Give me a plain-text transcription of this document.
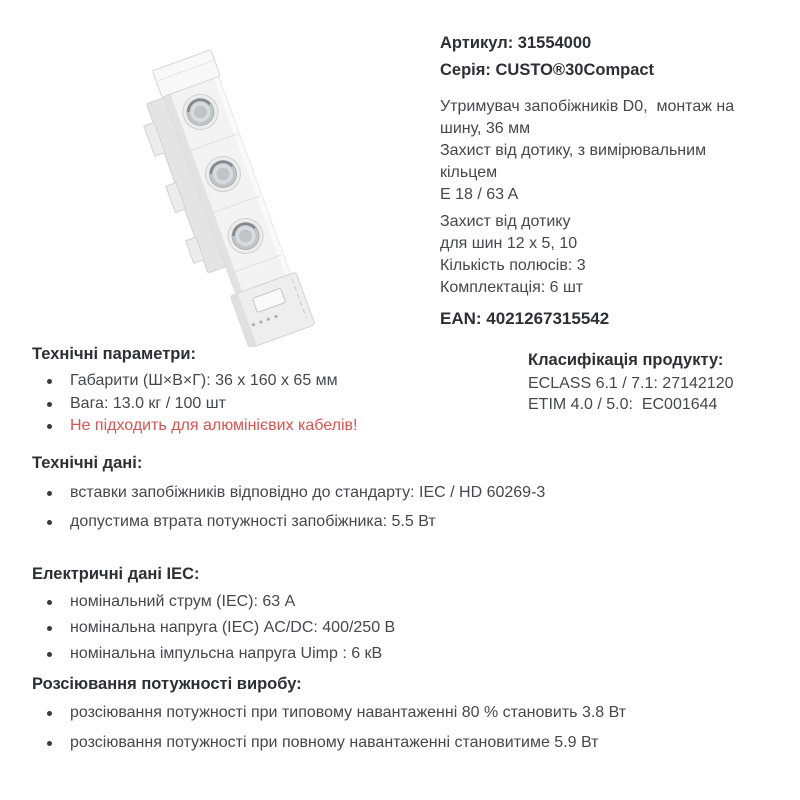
Артикул: 31554000
Серія: CUSTO®30Compact
Утримувач запобіжників D0,  монтаж на шину, 36 мм
Захист від дотику, з вимірювальним кільцем
E 18 / 63 A
Захист від дотику
для шин 12 x 5, 10
Кількість полюсів: 3
Комплектація: 6 шт
EAN: 4021267315542
Технічні параметри:
Габарити (Ш×В×Г): 36 x 160 x 65 мм
Вага: 13.0 кг / 100 шт
Не підходить для алюмінієвих кабелів!
Класифікація продукту:
ECLASS 6.1 / 7.1: 27142120
ETIM 4.0 / 5.0:  EC001644
Технічні дані:
вставки запобіжників відповідно до стандарту: IEC / HD 60269-3
допустима втрата потужності запобіжника: 5.5 Вт
Електричні дані IEC:
номінальний струм (IEC): 63 А
номінальна напруга (IEC) AC/DC: 400/250 В
номінальна імпульсна напруга Uimp : 6 кВ
Розсіювання потужності виробу:
розсіювання потужності при типовому навантаженні 80 % становить 3.8 Вт
розсіювання потужності при повному навантаженні становитиме 5.9 Вт
